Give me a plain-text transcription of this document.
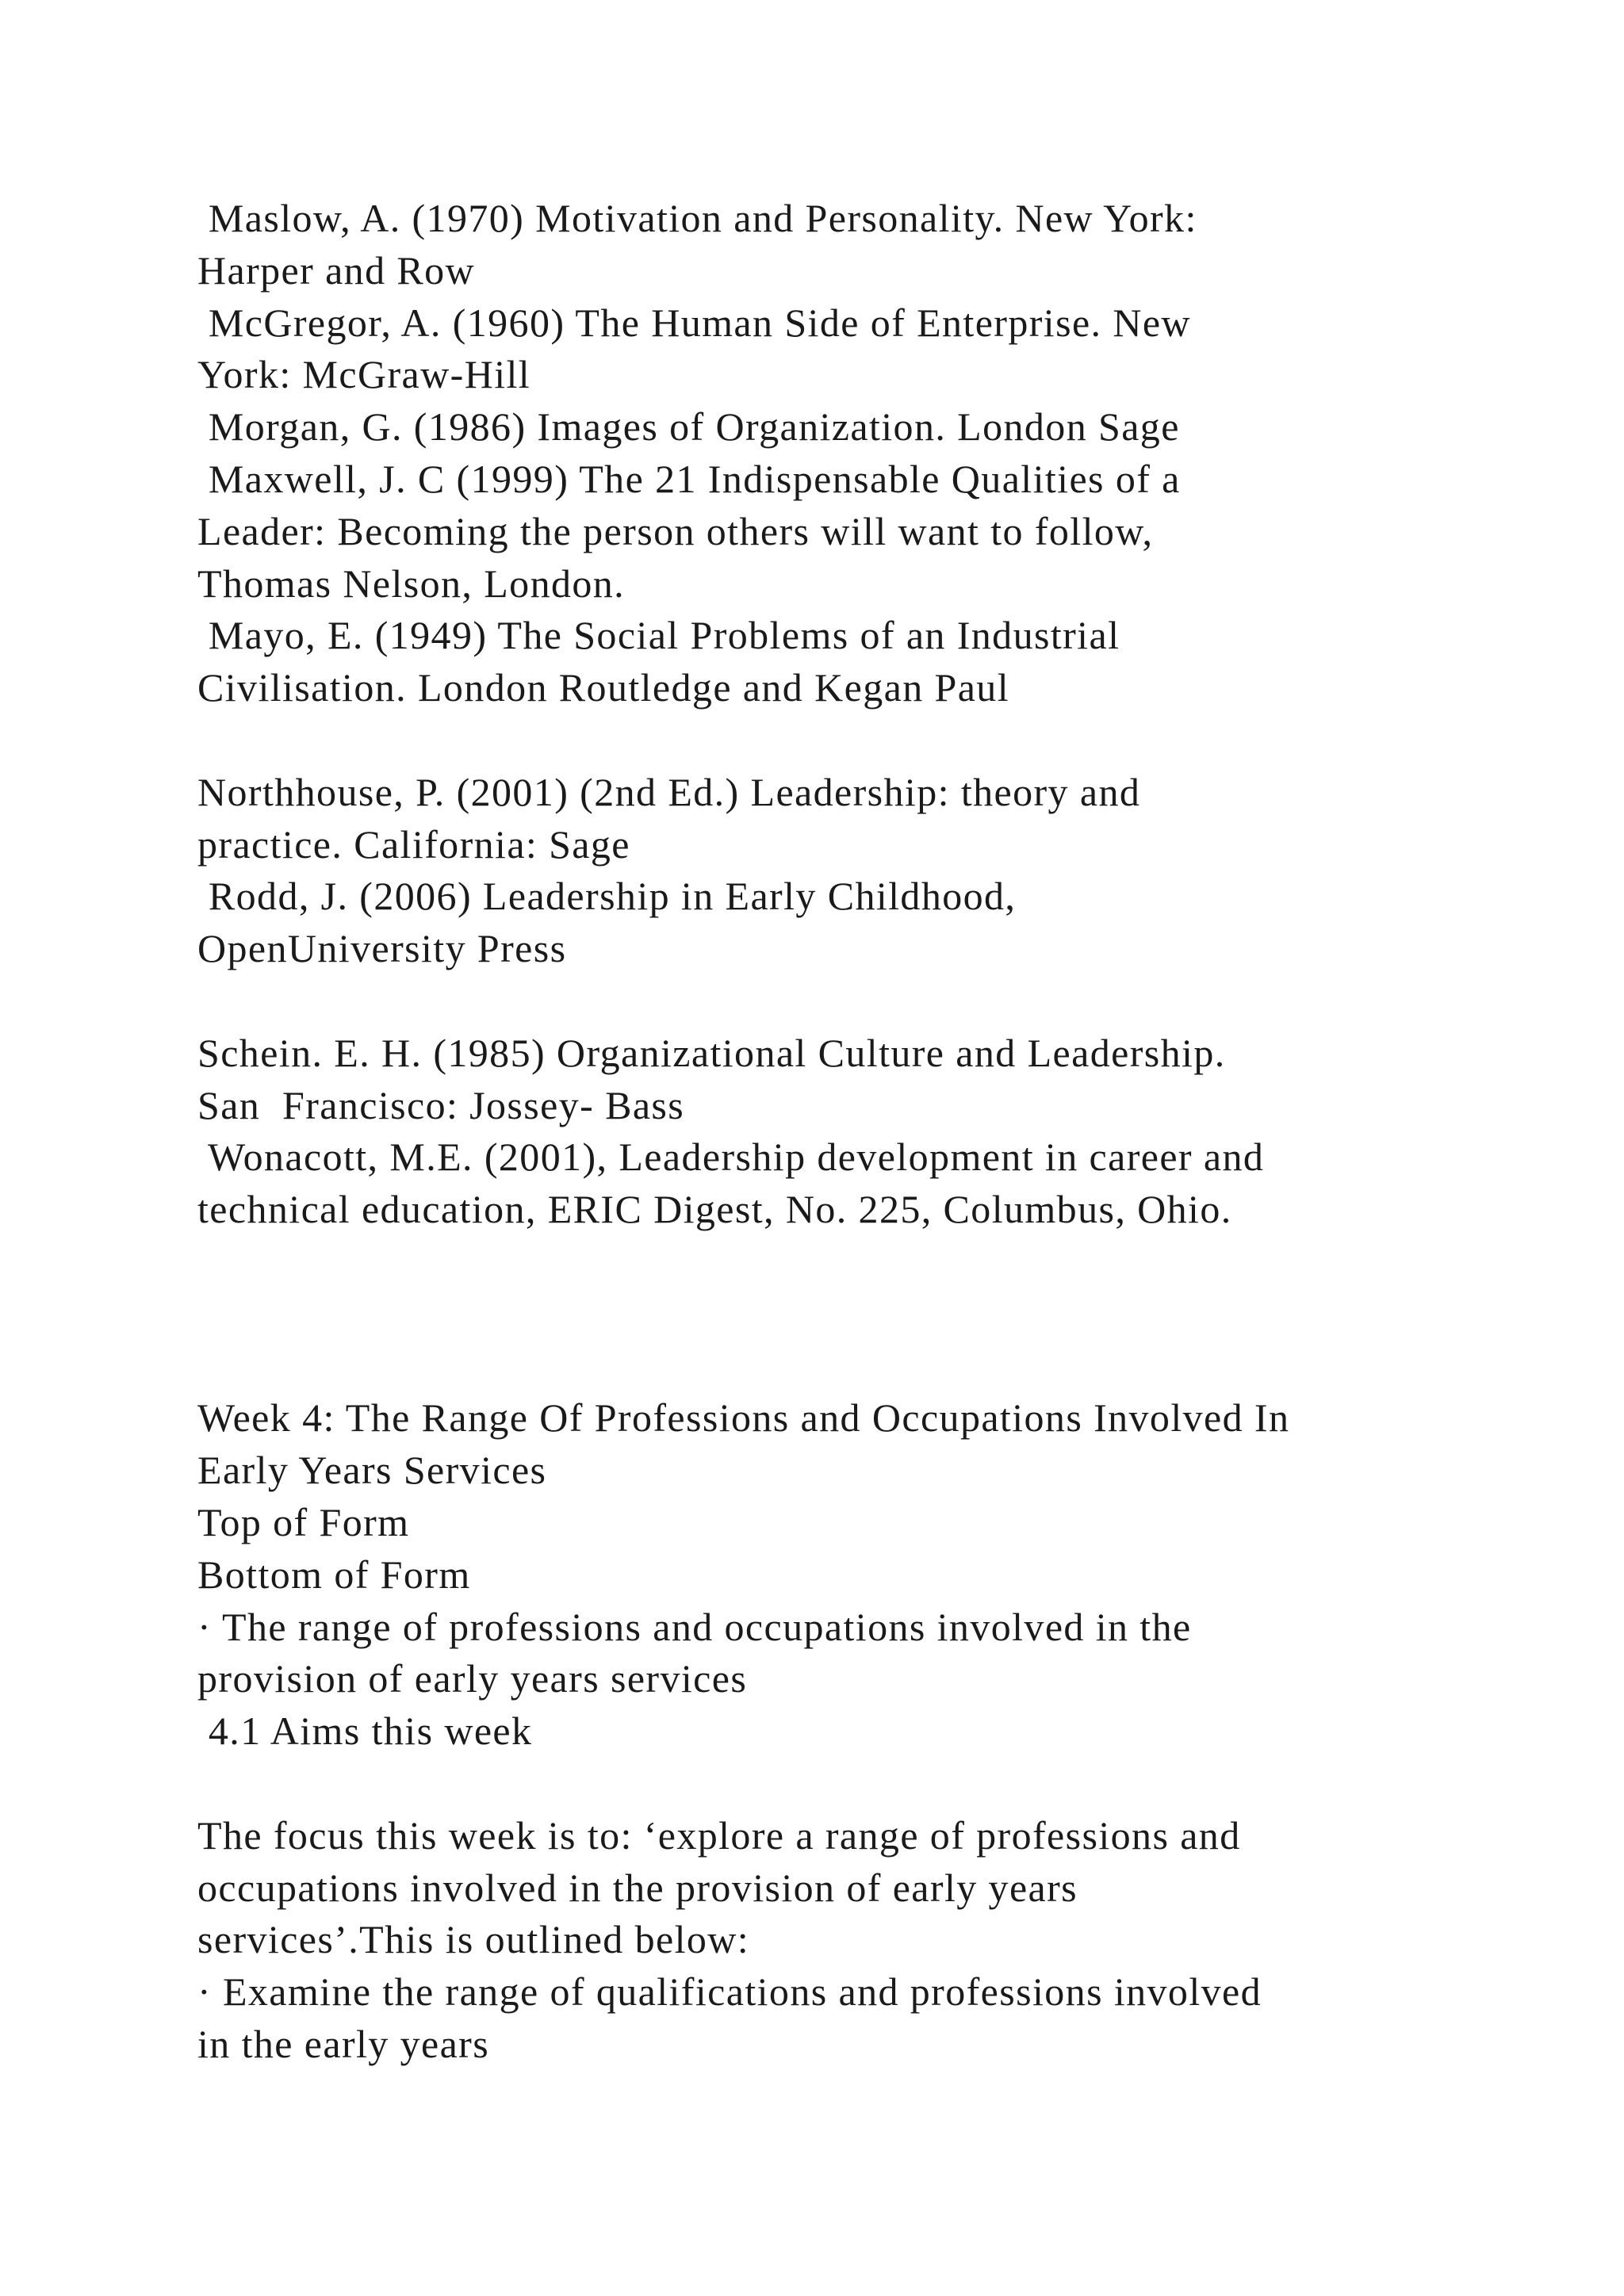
Maslow, A. (1970) Motivation and Personality. New York:
Harper and Row
McGregor, A. (1960) The Human Side of Enterprise. New
York: McGraw-Hill
Morgan, G. (1986) Images of Organization. London Sage
Maxwell, J. C (1999) The 21 Indispensable Qualities of a
Leader: Becoming the person others will want to follow,
Thomas Nelson, London.
Mayo, E. (1949) The Social Problems of an Industrial
Civilisation. London Routledge and Kegan Paul
Northhouse, P. (2001) (2nd Ed.) Leadership: theory and
practice. California: Sage
Rodd, J. (2006) Leadership in Early Childhood,
OpenUniversity Press
Schein. E. H. (1985) Organizational Culture and Leadership.
San  Francisco: Jossey- Bass
Wonacott, M.E. (2001), Leadership development in career and
technical education, ERIC Digest, No. 225, Columbus, Ohio.
Week 4: The Range Of Professions and Occupations Involved In
Early Years Services
Top of Form
Bottom of Form
· The range of professions and occupations involved in the
provision of early years services
4.1 Aims this week
The focus this week is to: ‘explore a range of professions and
occupations involved in the provision of early years
services’.This is outlined below:
· Examine the range of qualifications and professions involved
in the early years
